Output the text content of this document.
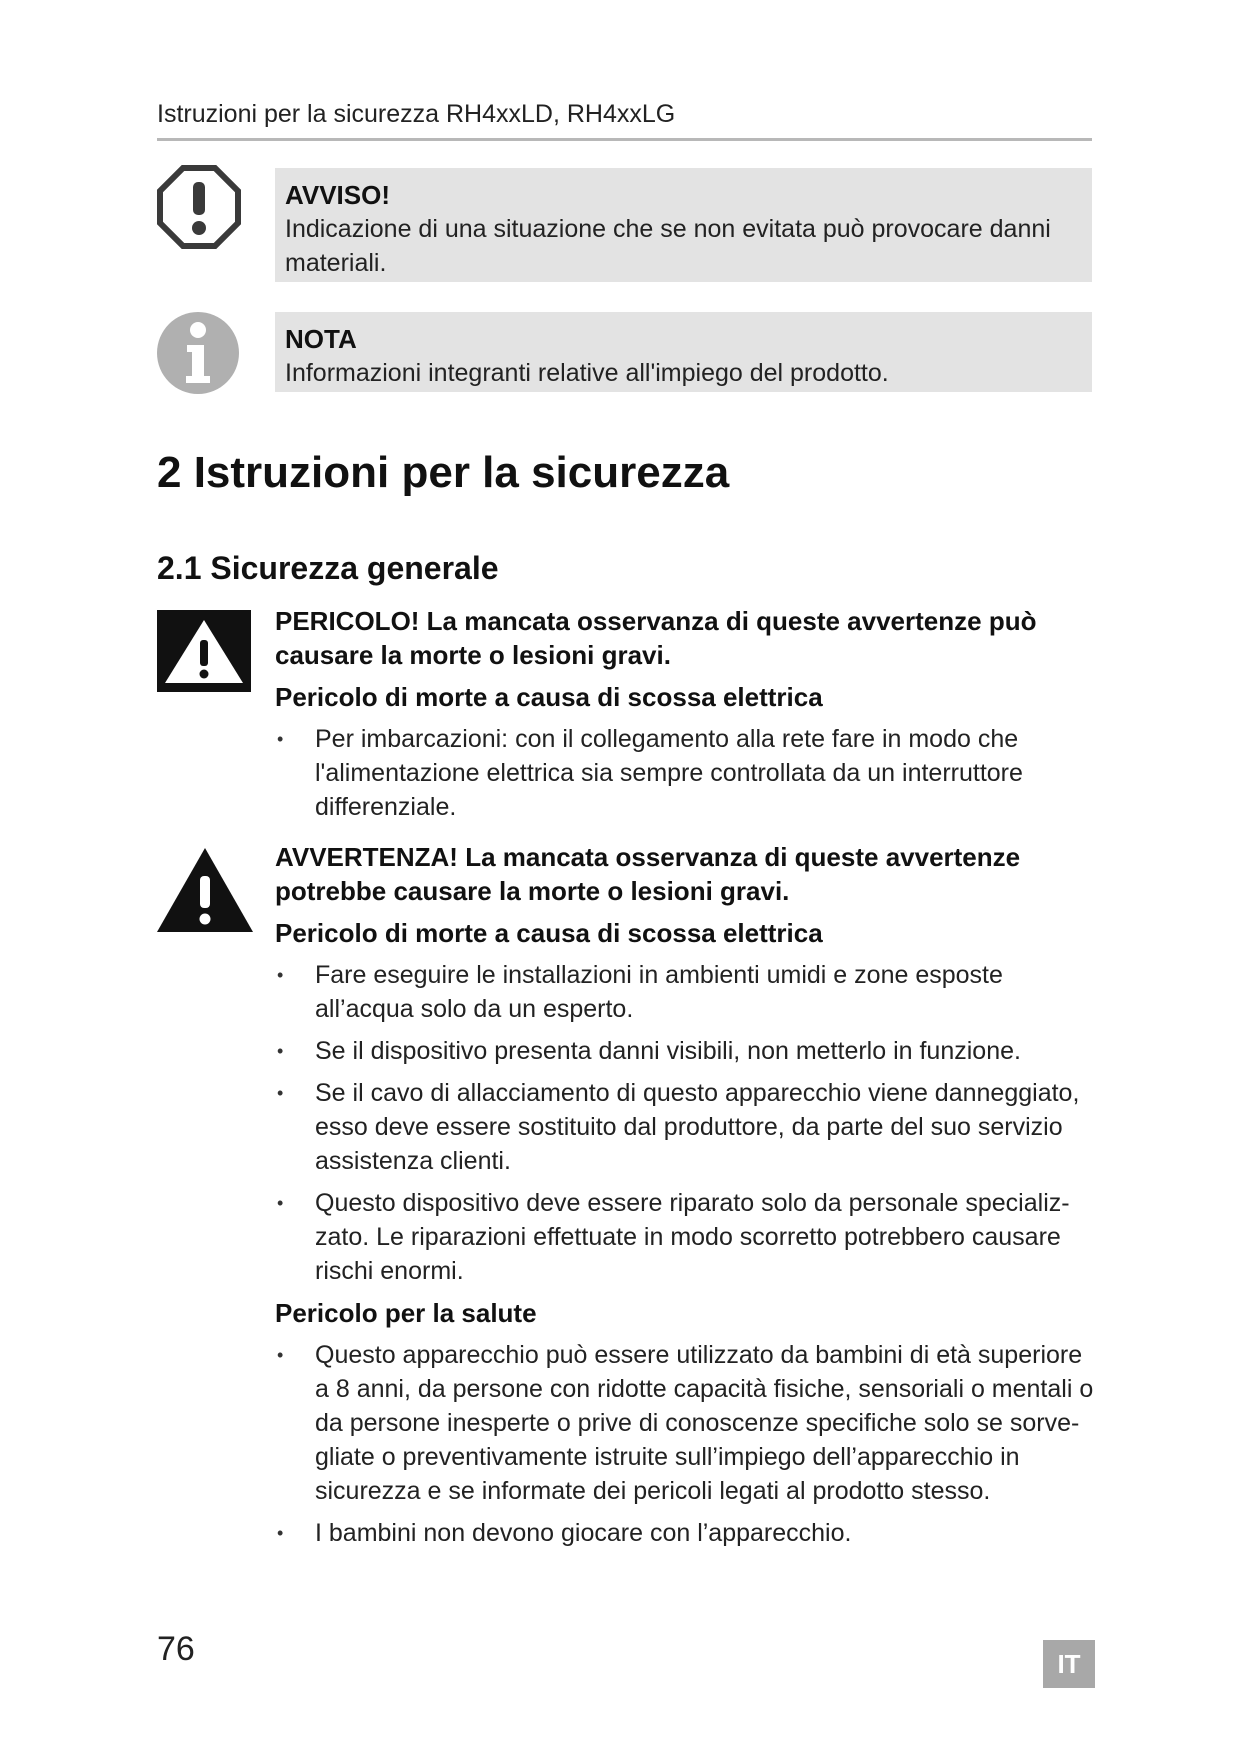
Istruzioni per la sicurezza RH4xxLD, RH4xxLG
AVVISO!
Indicazione di una situazione che se non evitata può provocare danni materiali.
NOTA
Informazioni integranti relative all'impiego del prodotto.
2 Istruzioni per la sicurezza
2.1 Sicurezza generale

PERICOLO! La mancata osservanza di queste avvertenze può causare la morte o lesioni gravi.

Pericolo di morte a causa di scossa elettrica

• Per imbarcazioni: con il collegamento alla rete fare in modo che l'alimentazione elettrica sia sempre controllata da un interruttore differenziale.

AVVERTENZA! La mancata osservanza di queste avvertenze potrebbe causare la morte o lesioni gravi.

Pericolo di morte a causa di scossa elettrica

• Fare eseguire le installazioni in ambienti umidi e zone esposte all’acqua solo da un esperto.
• Se il dispositivo presenta danni visibili, non metterlo in funzione.
• Se il cavo di allacciamento di questo apparecchio viene danneggiato, esso deve essere sostituito dal produttore, da parte del suo servizio assistenza clienti.
• Questo dispositivo deve essere riparato solo da personale specializ- zato. Le riparazioni effettuate in modo scorretto potrebbero causare rischi enormi.

Pericolo per la salute

• Questo apparecchio può essere utilizzato da bambini di età superiore a 8 anni, da persone con ridotte capacità fisiche, sensoriali o mentali o da persone inesperte o prive di conoscenze specifiche solo se sorve- gliate o preventivamente istruite sull’impiego dell’apparecchio in sicurezza e se informate dei pericoli legati al prodotto stesso.
• I bambini non devono giocare con l’apparecchio.
76	IT
